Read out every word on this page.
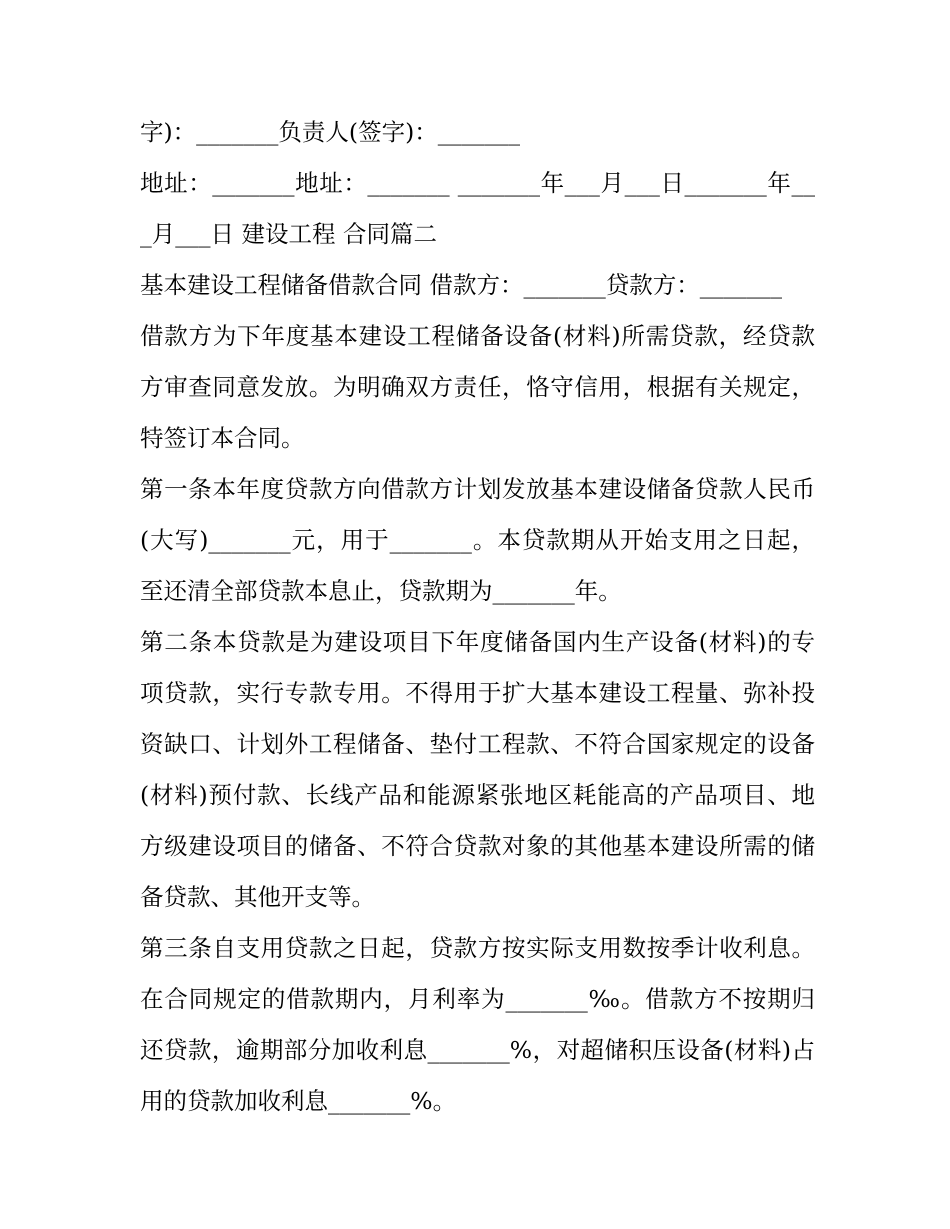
字)：_______负责人(签字)：_______

地址：_______地址：_______ _______年___月___日_______年___月___日 建设工程 合同篇二

基本建设工程储备借款合同 借款方：_______贷款方：_______

借款方为下年度基本建设工程储备设备(材料)所需贷款，经贷款方审查同意发放。为明确双方责任，恪守信用，根据有关规定，特签订本合同。

第一条本年度贷款方向借款方计划发放基本建设储备贷款人民币(大写)_______元，用于_______。本贷款期从开始支用之日起，至还清全部贷款本息止，贷款期为_______年。

第二条本贷款是为建设项目下年度储备国内生产设备(材料)的专项贷款，实行专款专用。不得用于扩大基本建设工程量、弥补投资缺口、计划外工程储备、垫付工程款、不符合国家规定的设备(材料)预付款、长线产品和能源紧张地区耗能高的产品项目、地方级建设项目的储备、不符合贷款对象的其他基本建设所需的储备贷款、其他开支等。

第三条自支用贷款之日起，贷款方按实际支用数按季计收利息。在合同规定的借款期内，月利率为_______‰。借款方不按期归还贷款，逾期部分加收利息_______%，对超储积压设备(材料)占用的贷款加收利息_______%。
